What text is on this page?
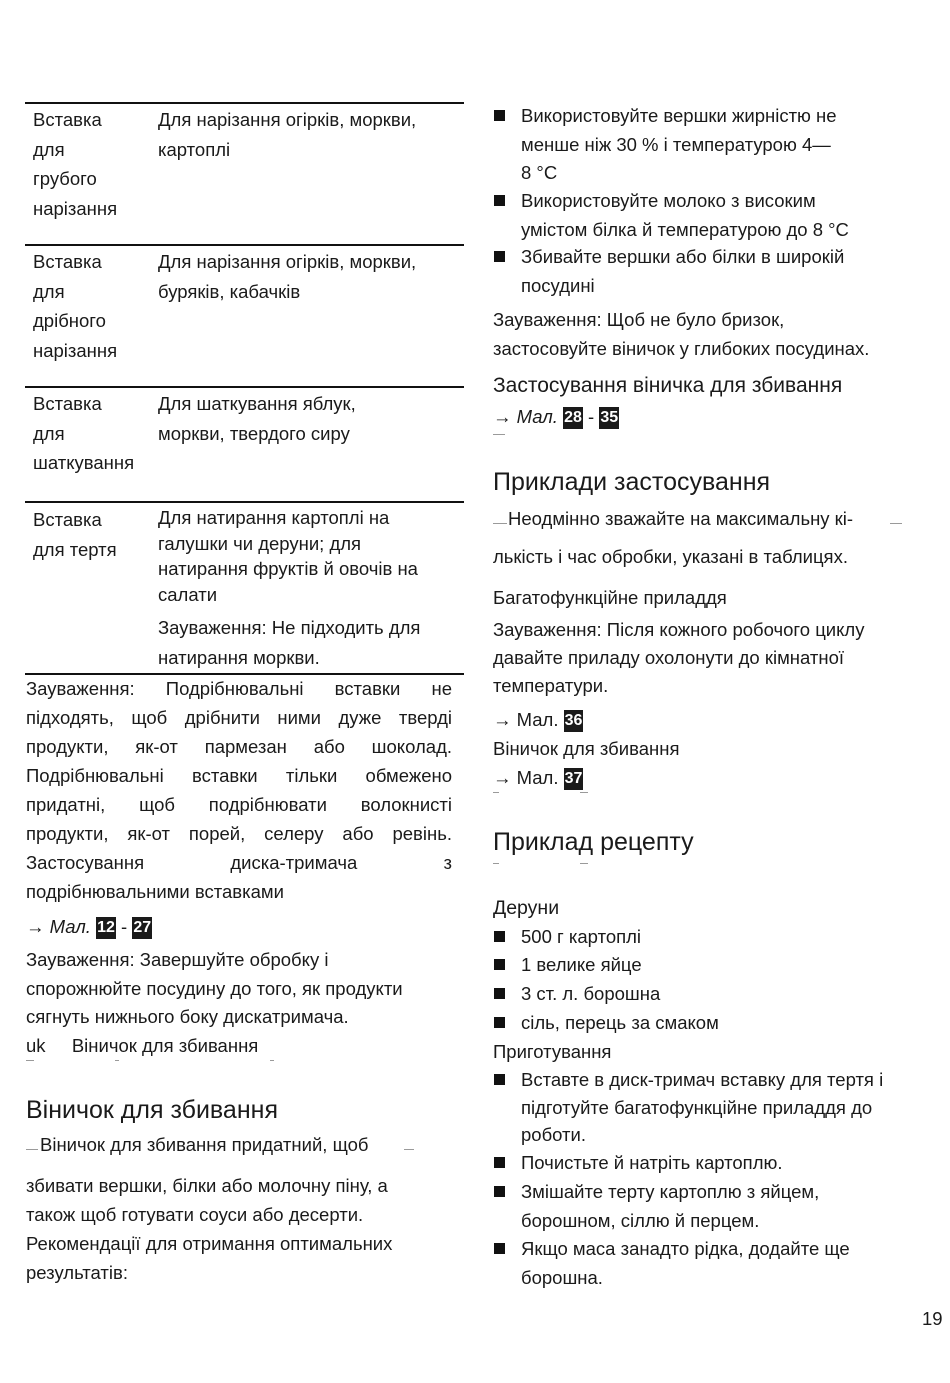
Вставка
для
грубого
нарізання
Для нарізання огірків, моркви,
картоплі
Вставка
для
дрібного
нарізання
Для нарізання огірків, моркви,
буряків, кабачків
Вставка
для
шаткування
Для шаткування яблук,
моркви, твердого сиру
Вставка
для тертя
Для натирання картоплі на
галушки чи деруни; для
натирання фруктів й овочів на
салати
Зауваження: Не підходить для
натирання моркви.
Зауваження: Подрібнювальні вставки не
підходять, щоб дрібнити ними дуже тверді
продукти, як-от пармезан або шоколад.
Подрібнювальні вставки тільки обмежено
придатні, щоб подрібнювати волокнисті
продукти, як-от порей, селеру або ревінь.
Застосування диска-тримача з
подрібнювальними вставками
→ Мал. 12 - 27
Зауваження: Завершуйте обробку і
спорожнюйте посудину до того, як продукти
сягнуть нижнього боку дискатримача.
uk Віничок для збивання
Віничок для збивання
Віничок для збивання придатний, щоб
збивати вершки, білки або молочну піну, а
також щоб готувати соуси або десерти.
Рекомендації для отримання оптимальних
результатів:
Використовуйте вершки жирністю не
менше ніж 30 % і температурою 4—
8 °C
Використовуйте молоко з високим
умістом білка й температурою до 8 °C
Збивайте вершки або білки в широкій
посудині
Зауваження: Щоб не було бризок,
застосовуйте віничок у глибоких посудинах.
Застосування віничка для збивання
→ Мал. 28 - 35
Приклади застосування
Неодмінно зважайте на максимальну кі-
лькість і час обробки, указані в таблицях.
Багатофункційне приладдя
Зауваження: Після кожного робочого циклу
давайте приладу охолонути до кімнатної
температури.
→ Мал. 36
Віничок для збивання
→ Мал. 37
Приклад рецепту
Деруни
500 г картоплі
1 велике яйце
3 ст. л. борошна
сіль, перець за смаком
Приготування
Вставте в диск-тримач вставку для тертя і
підготуйте багатофункційне приладдя до
роботи.
Почистьте й натріть картоплю.
Змішайте терту картоплю з яйцем,
борошном, сіллю й перцем.
Якщо маса занадто рідка, додайте ще
борошна.
19
